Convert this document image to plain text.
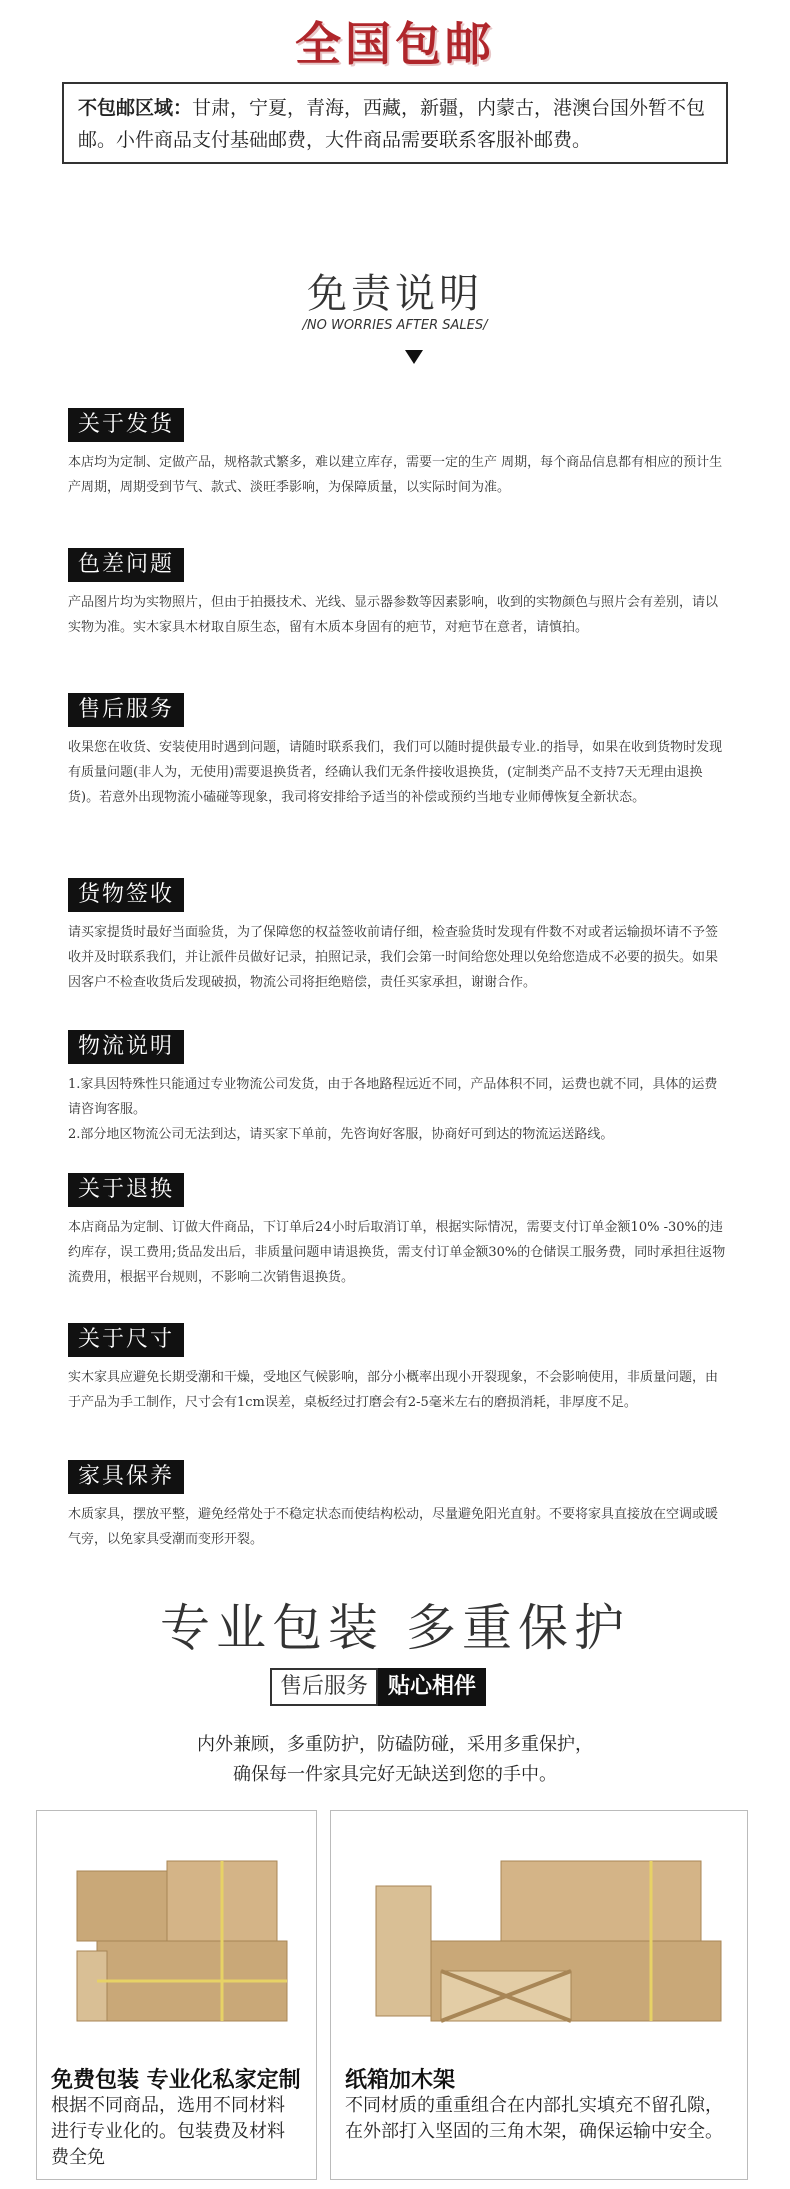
全国包邮
不包邮区域：甘肃，宁夏，青海，西藏，新疆，内蒙古，港澳台国外暂不包邮。小件商品支付基础邮费，大件商品需要联系客服补邮费。
免责说明
/NO WORRIES AFTER SALES/
关于发货

本店均为定制、定做产品，规格款式繁多，难以建立库存，需要一定的生产 周期，每个商品信息都有相应的预计生产周期，周期受到节气、款式、淡旺季影响，为保障质量，以实际时间为准。

色差问题

产品图片均为实物照片，但由于拍摄技术、光线、显示器参数等因素影响，收到的实物颜色与照片会有差别，请以实物为准。实木家具木材取自原生态，留有木质本身固有的疤节，对疤节在意者，请慎拍。

售后服务

收果您在收货、安装使用时遇到问题，请随时联系我们，我们可以随时提供最专业.的指导，如果在收到货物时发现有质量问题(非人为，无使用)需要退换货者，经确认我们无条件接收退换货，(定制类产品不支持7天无理由退换货)。若意外出现物流小磕碰等现象，我司将安排给予适当的补偿或预约当地专业师傅恢复全新状态。

货物签收

请买家提货时最好当面验货，为了保障您的权益签收前请仔细，检查验货时发现有件数不对或者运输损坏请不予签收并及时联系我们，并让派件员做好记录，拍照记录，我们会第一时间给您处理以免给您造成不必要的损失。如果因客户不检查收货后发现破损，物流公司将拒绝赔偿，责任买家承担，谢谢合作。

物流说明

1.家具因特殊性只能通过专业物流公司发货，由于各地路程远近不同，产品体积不同，运费也就不同，具体的运费请咨询客服。

2.部分地区物流公司无法到达，请买家下单前，先咨询好客服，协商好可到达的物流运送路线。

关于退换

本店商品为定制、订做大件商品，下订单后24小时后取消订单，根据实际情况，需要支付订单金额10% -30%的违约库存，误工费用;货品发出后，非质量问题申请退换货，需支付订单金额30%的仓储误工服务费，同时承担往返物流费用，根据平台规则，不影响二次销售退换货。

关于尺寸

实木家具应避免长期受潮和干燥，受地区气候影响，部分小概率出现小开裂现象，不会影响使用，非质量问题，由于产品为手工制作，尺寸会有1cm误差，桌板经过打磨会有2-5毫米左右的磨损消耗，非厚度不足。

家具保养

木质家具，摆放平整，避免经常处于不稳定状态而使结构松动，尽量避免阳光直射。不要将家具直接放在空调或暖气旁，以免家具受潮而变形开裂。

专业包装 多重保护
售后服务 贴心相伴
内外兼顾，多重防护，防磕防碰，采用多重保护，
确保每一件家具完好无缺送到您的手中。
免费包装 专业化私家定制
根据不同商品，选用不同材料进行专业化的。包装费及材料费全免
纸箱加木架
不同材质的重重组合在内部扎实填充不留孔隙，在外部打入坚固的三角木架，确保运输中安全。
